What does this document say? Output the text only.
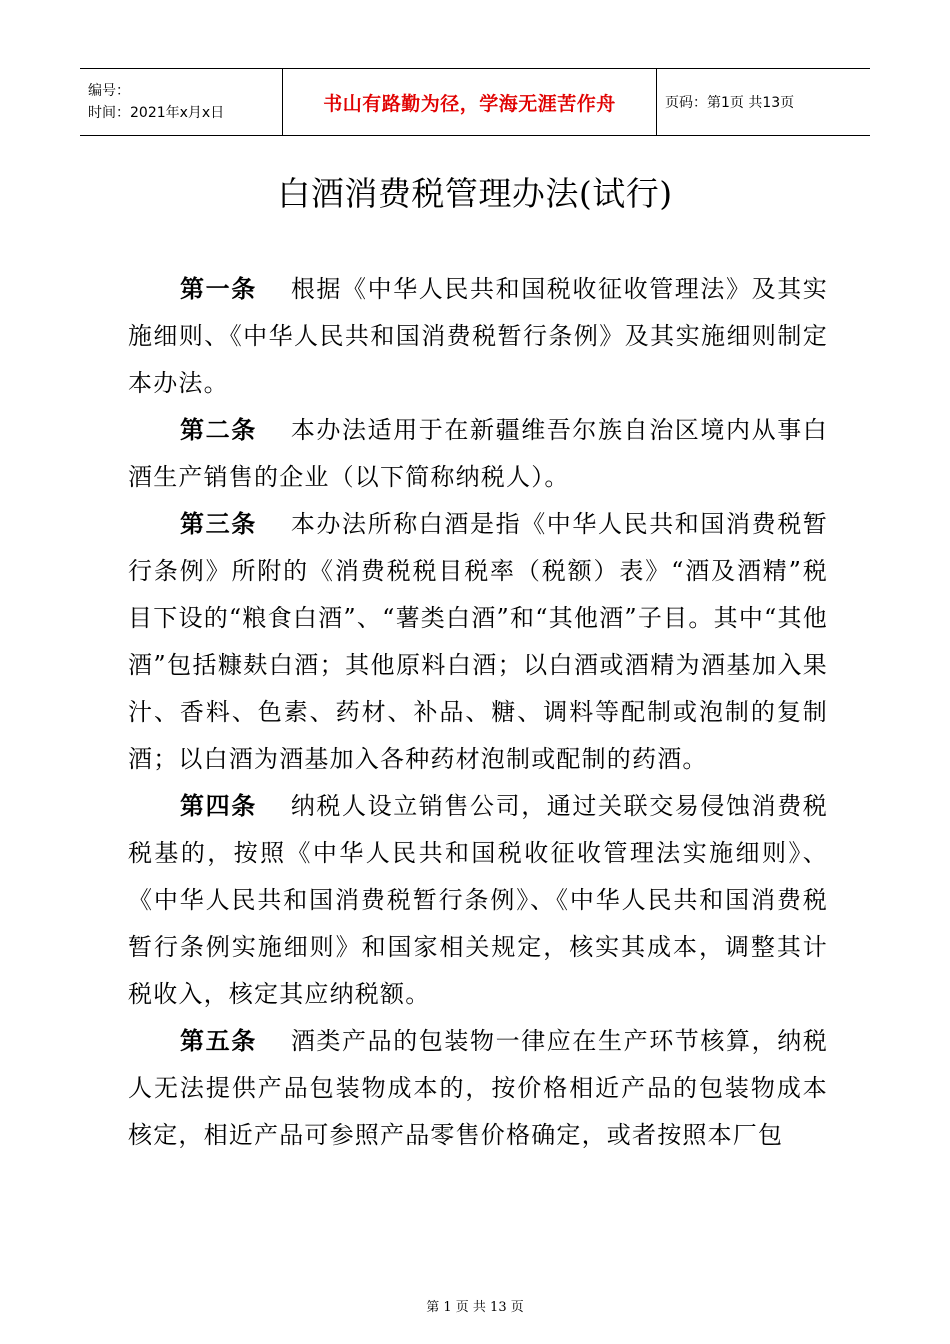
编号：
时间：2021年x月x日	书山有路勤为径，学海无涯苦作舟	页码：第1页 共13页
白酒消费税管理办法(试行)

第一条 根据《中华人民共和国税收征收管理法》及其实施细则、《中华人民共和国消费税暂行条例》及其实施细则制定本办法。

第二条 本办法适用于在新疆维吾尔族自治区境内从事白酒生产销售的企业（以下简称纳税人）。

第三条 本办法所称白酒是指《中华人民共和国消费税暂行条例》所附的《消费税税目税率（税额）表》“酒及酒精”税目下设的“粮食白酒”、“薯类白酒”和“其他酒”子目。其中“其他酒”包括糠麸白酒；其他原料白酒；以白酒或酒精为酒基加入果汁、香料、色素、药材、补品、糖、调料等配制或泡制的复制酒；以白酒为酒基加入各种药材泡制或配制的药酒。

第四条 纳税人设立销售公司，通过关联交易侵蚀消费税税基的，按照《中华人民共和国税收征收管理法实施细则》、《中华人民共和国消费税暂行条例》、《中华人民共和国消费税暂行条例实施细则》和国家相关规定，核实其成本，调整其计税收入，核定其应纳税额。

第五条 酒类产品的包装物一律应在生产环节核算，纳税人无法提供产品包装物成本的，按价格相近产品的包装物成本核定，相近产品可参照产品零售价格确定，或者按照本厂包

第 1 页 共 13 页
